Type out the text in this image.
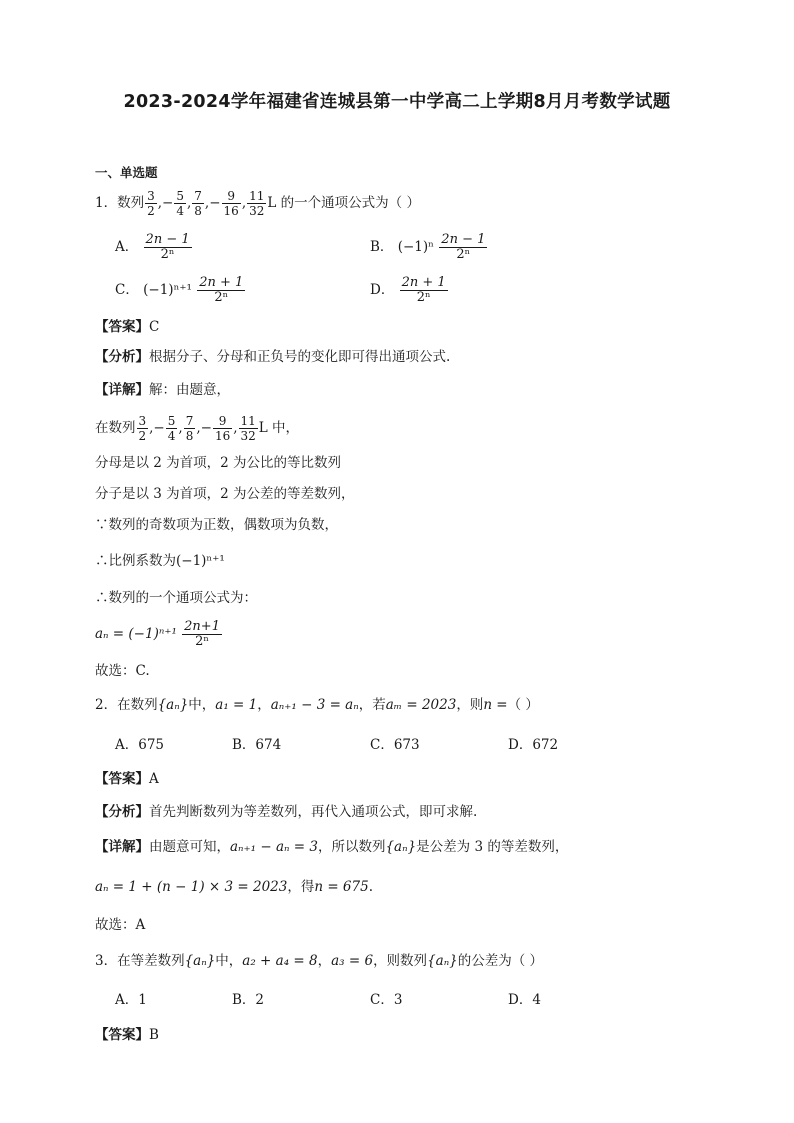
2023-2024学年福建省连城县第一中学高二上学期8月月考数学试题
一、单选题
1．数列 $\frac{3}{2}$ ,− $\frac{5}{4}$ , $\frac{7}{8}$ ,− $\frac{9}{16}$ , $\frac{11}{32}$ L 的一个通项公式为（ ）
A． $\frac{2n - 1}{\text{2ⁿ}}$	B． $(-1)^n \frac{2n - 1}{\text{2ⁿ}}$
C． $(-1)^{n+1} \frac{2n + 1}{\text{2ⁿ}}$	D． $\frac{2n + 1}{\text{2ⁿ}}$
【答案】C
【分析】根据分子、分母和正负号的变化即可得出通项公式.
【详解】解：由题意，
在数列 $\frac{3}{2}$ ,− $\frac{5}{4}$ , $\frac{7}{8}$ ,− $\frac{9}{16}$ , $\frac{11}{32}$ L 中，
分母是以 2 为首项，2 为公比的等比数列
分子是以 3 为首项，2 为公差的等差数列，
∵数列的奇数项为正数，偶数项为负数，
∴比例系数为(−1)ⁿ⁺¹
∴数列的一个通项公式为：
$a_n = (-1)^{n+1} \frac{2n+1}{\text{2ⁿ}}$
故选：C.
2．在数列{aₙ}中，a₁ = 1，aₙ₊₁ − 3 = aₙ，若aₘ = 2023，则n =（ ）
A．675	B．674	C．673	D．672
【答案】A
【分析】首先判断数列为等差数列，再代入通项公式，即可求解.
【详解】由题意可知，aₙ₊₁ − aₙ = 3，所以数列{aₙ}是公差为 3 的等差数列，
aₙ = 1 + (n − 1) × 3 = 2023，得n = 675.
故选：A
3．在等差数列{aₙ}中，a₂ + a₄ = 8，a₃ = 6，则数列{aₙ}的公差为（ ）
A．1	B．2	C．3	D．4
【答案】B
